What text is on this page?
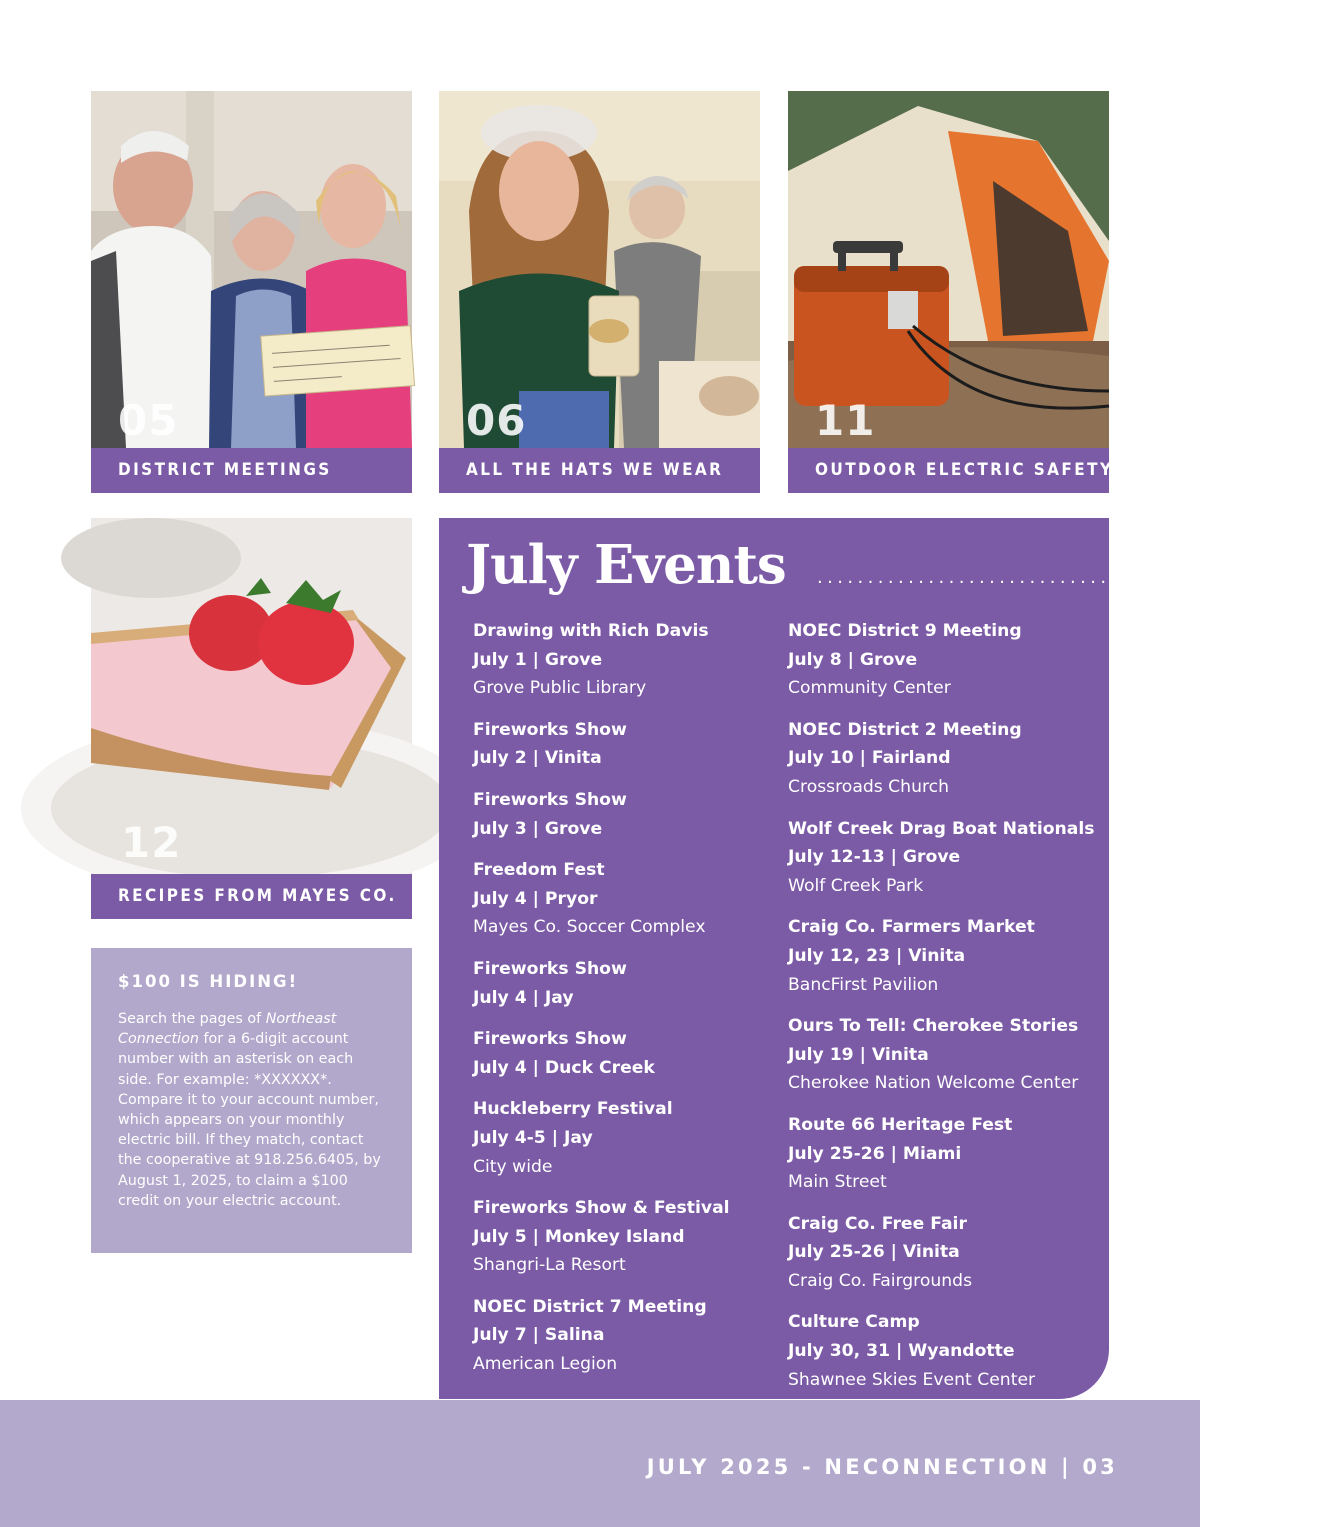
05
DISTRICT MEETINGS
06
ALL THE HATS WE WEAR
11
OUTDOOR ELECTRIC SAFETY
12
RECIPES FROM MAYES CO.
$100 IS HIDING!
Search the pages of Northeast Connection for a 6-digit account number with an asterisk on each side. For example: *XXXXXX*. Compare it to your account number, which appears on your monthly electric bill. If they match, contact the cooperative at 918.256.6405, by August 1, 2025, to claim a $100 credit on your electric account.
July Events ..................................................
Drawing with Rich Davis
July 1 | Grove
Grove Public Library
Fireworks Show
July 2 | Vinita
Fireworks Show
July 3 | Grove
Freedom Fest
July 4 | Pryor
Mayes Co. Soccer Complex
Fireworks Show
July 4 | Jay
Fireworks Show
July 4 | Duck Creek
Huckleberry Festival
July 4-5 | Jay
City wide
Fireworks Show & Festival
July 5 | Monkey Island
Shangri-La Resort
NOEC District 7 Meeting
July 7 | Salina
American Legion
NOEC District 9 Meeting
July 8 | Grove
Community Center
NOEC District 2 Meeting
July 10 | Fairland
Crossroads Church
Wolf Creek Drag Boat Nationals
July 12-13 | Grove
Wolf Creek Park
Craig Co. Farmers Market
July 12, 23 | Vinita
BancFirst Pavilion
Ours To Tell: Cherokee Stories
July 19 | Vinita
Cherokee Nation Welcome Center
Route 66 Heritage Fest
July 25-26 | Miami
Main Street
Craig Co. Free Fair
July 25-26 | Vinita
Craig Co. Fairgrounds
Culture Camp
July 30, 31 | Wyandotte
Shawnee Skies Event Center
JULY 2025 - NECONNECTION | 03
